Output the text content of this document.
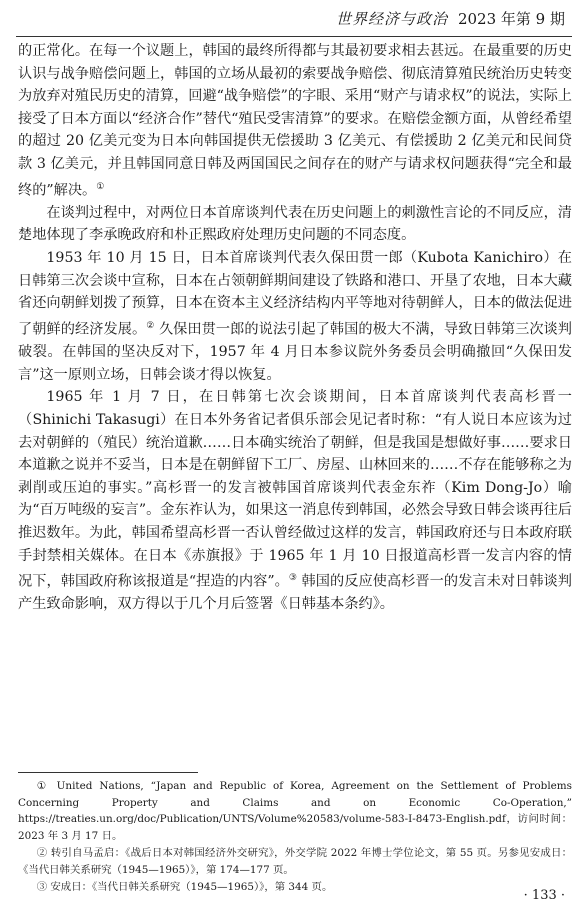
世界经济与政治 2023 年第 9 期

的正常化。在每一个议题上，韩国的最终所得都与其最初要求相去甚远。在最重要的历史认识与战争赔偿问题上，韩国的立场从最初的索要战争赔偿、彻底清算殖民统治历史转变为放弃对殖民历史的清算，回避“战争赔偿”的字眼、采用“财产与请求权”的说法，实际上接受了日本方面以“经济合作”替代“殖民受害清算”的要求。在赔偿金额方面，从曾经希望的超过 20 亿美元变为日本向韩国提供无偿援助 3 亿美元、有偿援助 2 亿美元和民间贷款 3 亿美元，并且韩国同意日韩及两国国民之间存在的财产与请求权问题获得“完全和最终的”解决。①

在谈判过程中，对两位日本首席谈判代表在历史问题上的刺激性言论的不同反应，清楚地体现了李承晚政府和朴正熙政府处理历史问题的不同态度。

1953 年 10 月 15 日，日本首席谈判代表久保田贯一郎（Kubota Kanichiro）在日韩第三次会谈中宣称，日本在占领朝鲜期间建设了铁路和港口、开垦了农地，日本大藏省还向朝鲜划拨了预算，日本在资本主义经济结构内平等地对待朝鲜人，日本的做法促进了朝鲜的经济发展。② 久保田贯一郎的说法引起了韩国的极大不满，导致日韩第三次谈判破裂。在韩国的坚决反对下，1957 年 4 月日本参议院外务委员会明确撤回“久保田发言”这一原则立场，日韩会谈才得以恢复。

1965 年 1 月 7 日，在日韩第七次会谈期间，日本首席谈判代表高杉晋一（Shinichi Takasugi）在日本外务省记者俱乐部会见记者时称：“有人说日本应该为过去对朝鲜的（殖民）统治道歉……日本确实统治了朝鲜，但是我国是想做好事……要求日本道歉之说并不妥当，日本是在朝鲜留下工厂、房屋、山林回来的……不存在能够称之为剥削或压迫的事实。”高杉晋一的发言被韩国首席谈判代表金东祚（Kim Dong-Jo）喻为“百万吨级的妄言”。金东祚认为，如果这一消息传到韩国，必然会导致日韩会谈再往后推迟数年。为此，韩国希望高杉晋一否认曾经做过这样的发言，韩国政府还与日本政府联手封禁相关媒体。在日本《赤旗报》于 1965 年 1 月 10 日报道高杉晋一发言内容的情况下，韩国政府称该报道是“捏造的内容”。③ 韩国的反应使高杉晋一的发言未对日韩谈判产生致命影响，双方得以于几个月后签署《日韩基本条约》。

① United Nations, “Japan and Republic of Korea, Agreement on the Settlement of Problems Concerning Property and Claims and on Economic Co-Operation,” https://treaties.un.org/doc/Publication/UNTS/Volume%20583/volume-583-I-8473-English.pdf，访问时间：2023 年 3 月 17 日。

② 转引自马孟启：《战后日本对韩国经济外交研究》，外交学院 2022 年博士学位论文，第 55 页。另参见安成日：《当代日韩关系研究（1945—1965）》，第 174—177 页。

③ 安成日：《当代日韩关系研究（1945—1965）》，第 344 页。

· 133 ·
